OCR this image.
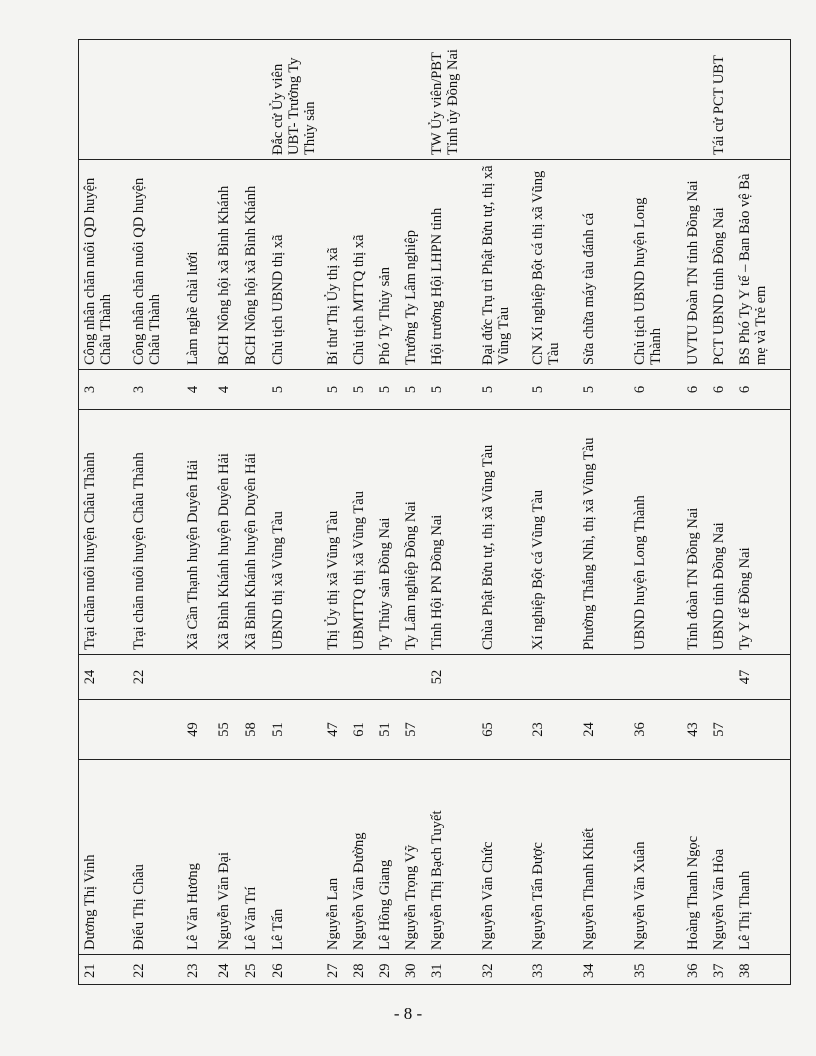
21	Dương Thị Vinh		24	Trại chăn nuôi huyện Châu Thành	3	Công nhân chăn nuôi QD huyện Châu Thành	
22	Điểu Thị Châu		22	Trại chăn nuôi huyện Châu Thành	3	Công nhân chăn nuôi QD huyện Châu Thành	
23	Lê Văn Hương	49		Xã Cần Thạnh huyện Duyên Hải	4	Làm nghề chài lưới	
24	Nguyễn Văn Đại	55		Xã Bình Khánh huyện Duyên Hải	4	BCH Nông hội xã Bình Khánh	
25	Lê Văn Trí	58		Xã Bình Khánh huyện Duyên Hải		BCH Nông hội xã Bình Khánh	
26	Lê Tấn	51		UBND thị xã Vũng Tàu	5	Chủ tịch UBND thị xã	Đắc cử Ủy viên UBT- Trưởng Ty Thủy sản
27	Nguyễn Lan	47		Thị Ủy thị xã Vũng Tàu	5	Bí thư Thị Ủy thị xã	
28	Nguyễn Văn Đường	61		UBMTTQ thị xã Vũng Tàu	5	Chủ tịch MTTQ thị xã	
29	Lê Hồng Giang	51		Ty Thủy sản Đồng Nai	5	Phó Ty Thủy sản	
30	Nguyễn Trọng Vỹ	57		Ty Lâm nghiệp Đồng Nai	5	Trưởng Ty Lâm nghiệp	
31	Nguyễn Thị Bạch Tuyết		52	Tỉnh Hội PN Đồng Nai	5	Hội trưởng Hội LHPN tỉnh	TW Ủy viên/PBT Tỉnh ủy Đồng Nai
32	Nguyễn Văn Chức	65		Chùa Phật Bửu tự, thị xã Vũng Tàu	5	Đại đức Trụ trì Phật Bửu tự, thị xã Vũng Tàu	
33	Nguyễn Tấn Được	23		Xí nghiệp Bột cá Vũng Tàu	5	CN Xí nghiệp Bột cá thị xã Vũng Tàu	
34	Nguyễn Thanh Khiết	24		Phường Thắng Nhì, thị xã Vũng Tàu	5	Sửa chữa máy tàu đánh cá	
35	Nguyễn Văn Xuân	36		UBND huyện Long Thành	6	Chủ tịch UBND huyện Long Thành	
36	Hoàng Thanh Ngọc	43		Tỉnh đoàn TN Đồng Nai	6	UVTU Đoàn TN tỉnh Đồng Nai	
37	Nguyễn Văn Hòa	57		UBND tỉnh Đồng Nai	6	PCT UBND tỉnh Đồng Nai	Tái cử PCT UBT
38	Lê Thị Thanh		47	Ty Y tế Đồng Nai	6	BS Phó Ty Y tế – Ban Bảo vệ Bà mẹ và Trẻ em	
- 8 -
